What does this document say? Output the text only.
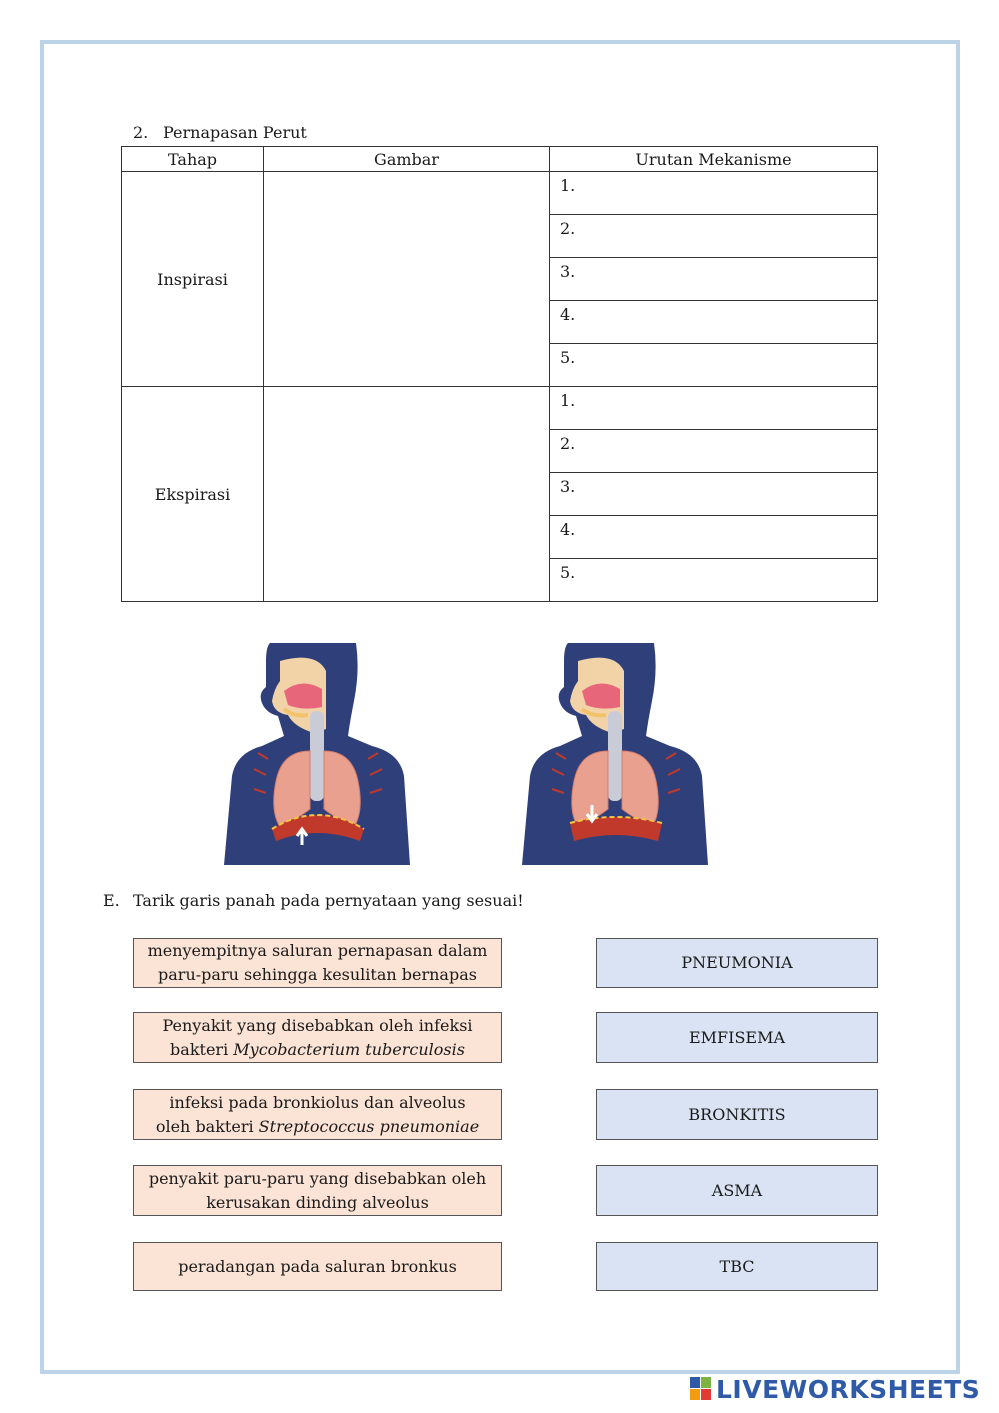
2. Pernapasan Perut
Tahap	Gambar	Urutan Mekanisme
Inspirasi		1.
		2.
		3.
		4.
		5.
Ekspirasi		1.
		2.
		3.
		4.
		5.
E. Tarik garis panah pada pernyataan yang sesuai!
menyempitnya saluran pernapasan dalam
paru-paru sehingga kesulitan bernapas
Penyakit yang disebabkan oleh infeksi
bakteri Mycobacterium tuberculosis
infeksi pada bronkiolus dan alveolus
oleh bakteri Streptococcus pneumoniae
penyakit paru-paru yang disebabkan oleh
kerusakan dinding alveolus
peradangan pada saluran bronkus
PNEUMONIA
EMFISEMA
BRONKITIS
ASMA
TBC
LIVEWORKSHEETS
